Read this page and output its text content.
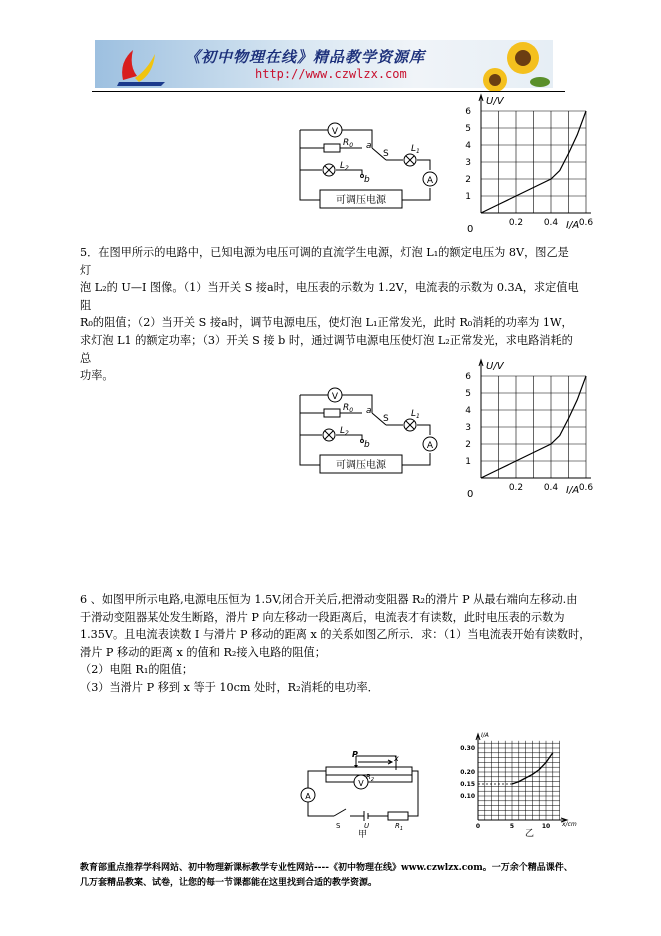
《初中物理在线》精品教学资源库
http://www.czwlzx.com
V
$R_0$
$L_2$
$L_1$
A
a
S
b
可调压电源
6
5
4
3
2
1
0.2 0.4 0.6
U/V
I/A
0

5．在图甲所示的电路中，已知电源为电压可调的直流学生电源，灯泡 L₁的额定电压为 8V，图乙是灯

泡 L₂的 U—I 图像。（1）当开关 S 接a时，电压表的示数为 1.2V，电流表的示数为 0.3A，求定值电阻

R₀的阻值；（2）当开关 S 接a时，调节电源电压，使灯泡 L₁正常发光，此时 R₀消耗的功率为 1W，

求灯泡 L1 的额定功率；（3）开关 S 接 b 时，通过调节电源电压使灯泡 L₂正常发光，求电路消耗的总

功率。

V
$R_0$
$L_2$
$L_1$
A
a
S
b
可调压电源
6
5
4
3
2
1
0.2 0.4 0.6
U/V
I/A
0

6 、如图甲所示电路,电源电压恒为 1.5V,闭合开关后,把滑动变阻器 R₂的滑片 P 从最右端向左移动.由

于滑动变阻器某处发生断路，滑片 P 向左移动一段距离后，电流表才有读数，此时电压表的示数为

1.35V。且电流表读数 I 与滑片 P 移动的距离 x 的关系如图乙所示．求：（1）当电流表开始有读数时，

滑片 P 移动的距离 x 的值和 R₂接入电路的阻值；

（2）电阻 R₁的阻值；

（3）当滑片 P 移到 x 等于 10cm 处时，R₂消耗的电功率．

V
A
P	x
$R_2$
S	U	$R_1$
甲
0.30
0.20
0.15
0.10
0	5	10
I/A
x/cm
乙
教育部重点推荐学科网站、初中物理新课标教学专业性网站----《初中物理在线》www.czwlzx.com。一万余个精品课件、
几万套精品教案、试卷，让您的每一节课都能在这里找到合适的教学资源。
